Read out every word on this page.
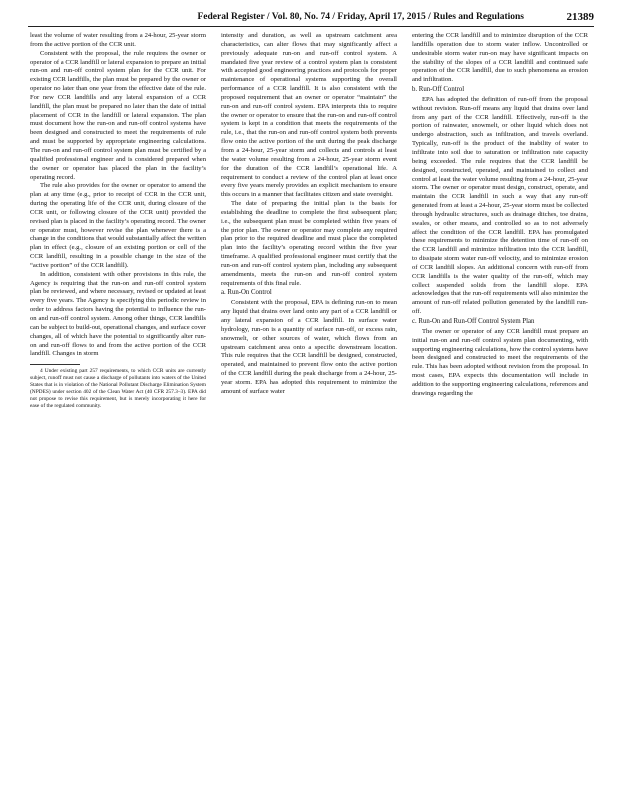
Federal Register / Vol. 80, No. 74 / Friday, April 17, 2015 / Rules and Regulations	21389

least the volume of water resulting from a 24-hour, 25-year storm from the active portion of the CCR unit.

Consistent with the proposal, the rule requires the owner or operator of a CCR landfill or lateral expansion to prepare an initial run-on and run-off control system plan for the CCR unit. For existing CCR landfills, the plan must be prepared by the owner or operator no later than one year from the effective date of the rule. For new CCR landfills and any lateral expansion of a CCR landfill, the plan must be prepared no later than the date of initial placement of CCR in the landfill or lateral expansion. The plan must document how the run-on and run-off control systems have been designed and constructed to meet the requirements of rule and must be supported by appropriate engineering calculations. The run-on and run-off control system plan must be certified by a qualified professional engineer and is considered prepared when the owner or operator has placed the plan in the facility’s operating record.

The rule also provides for the owner or operator to amend the plan at any time (e.g., prior to receipt of CCR in the CCR unit, during the operating life of the CCR unit, during closure of the CCR unit, or following closure of the CCR unit) provided the revised plan is placed in the facility’s operating record. The owner or operator must, however revise the plan whenever there is a change in the conditions that would substantially affect the written plan in effect (e.g., closure of an existing portion or cell of the CCR landfill, resulting in a possible change in the size of the “active portion” of the CCR landfill).

In addition, consistent with other provisions in this rule, the Agency is requiring that the run-on and run-off control system plan be reviewed, and where necessary, revised or updated at least every five years. The Agency is specifying this periodic review in order to address factors having the potential to influence the run-on and run-off control system. Among other things, CCR landfills can be subject to build-out, operational changes, and surface cover changes, all of which have the potential to significantly alter run-on and run-off flows to and from the active portion of the CCR landfill. Changes in storm

4 Under existing part 257 requirements, to which CCR units are currently subject, runoff must not cause a discharge of pollutants into waters of the United States that is in violation of the National Pollutant Discharge Elimination System (NPDES) under section 402 of the Clean Water Act (40 CFR 257.3–3). EPA did not propose to revise this requirement, but is merely incorporating it here for ease of the regulated community.

intensity and duration, as well as upstream catchment area characteristics, can alter flows that may significantly affect a previously adequate run-on and run-off control system. A mandated five year review of a control system plan is consistent with accepted good engineering practices and protocols for proper maintenance of operational systems supporting the overall performance of a CCR landfill. It is also consistent with the proposed requirement that an owner or operator “maintain” the run-on and run-off control system. EPA interprets this to require the owner or operator to ensure that the run-on and run-off control system is kept in a condition that meets the requirements of the rule, i.e., that the run-on and run-off control system both prevents flow onto the active portion of the unit during the peak discharge from a 24-hour, 25-year storm and collects and controls at least the water volume resulting from a 24-hour, 25-year storm event for the duration of the CCR landfill’s operational life. A requirement to conduct a review of the control plan at least once every five years merely provides an explicit mechanism to ensure this occurs in a manner that facilitates citizen and state oversight.

The date of preparing the initial plan is the basis for establishing the deadline to complete the first subsequent plan; i.e., the subsequent plan must be completed within five years of the prior plan. The owner or operator may complete any required plan prior to the required deadline and must place the completed plan into the facility’s operating record within the five year timeframe. A qualified professional engineer must certify that the run-on and run-off control system plan, including any subsequent amendments, meets the run-on and run-off control system requirements of this final rule.

a. Run-On Control

Consistent with the proposal, EPA is defining run-on to mean any liquid that drains over land onto any part of a CCR landfill or any lateral expansion of a CCR landfill. In surface water hydrology, run-on is a quantity of surface run-off, or excess rain, snowmelt, or other sources of water, which flows from an upstream catchment area onto a specific downstream location. This rule requires that the CCR landfill be designed, constructed, operated, and maintained to prevent flow onto the active portion of the CCR landfill during the peak discharge from a 24-hour, 25-year storm. EPA has adopted this requirement to minimize the amount of surface water

entering the CCR landfill and to minimize disruption of the CCR landfills operation due to storm water inflow. Uncontrolled or undesirable storm water run-on may have significant impacts on the stability of the slopes of a CCR landfill and continued safe operation of the CCR landfill, due to such phenomena as erosion and infiltration.

b. Run-Off Control

EPA has adopted the definition of run-off from the proposal without revision. Run-off means any liquid that drains over land from any part of the CCR landfill. Effectively, run-off is the portion of rainwater, snowmelt, or other liquid which does not undergo abstraction, such as infiltration, and travels overland. Typically, run-off is the product of the inability of water to infiltrate into soil due to saturation or infiltration rate capacity being exceeded. The rule requires that the CCR landfill be designed, constructed, operated, and maintained to collect and control at least the water volume resulting from a 24-hour, 25-year storm. The owner or operator must design, construct, operate, and maintain the CCR landfill in such a way that any run-off generated from at least a 24-hour, 25-year storm must be collected through hydraulic structures, such as drainage ditches, toe drains, swales, or other means, and controlled so as to not adversely affect the condition of the CCR landfill. EPA has promulgated these requirements to minimize the detention time of run-off on the CCR landfill and minimize infiltration into the CCR landfill, to dissipate storm water run-off velocity, and to minimize erosion of CCR landfill slopes. An additional concern with run-off from CCR landfills is the water quality of the run-off, which may collect suspended solids from the landfill slope. EPA acknowledges that the run-off requirements will also minimize the amount of run-off related pollution generated by the landfill run-off.

c. Run-On and Run-Off Control System Plan

The owner or operator of any CCR landfill must prepare an initial run-on and run-off control system plan documenting, with supporting engineering calculations, how the control systems have been designed and constructed to meet the requirements of the rule. This has been adopted without revision from the proposal. In most cases, EPA expects this documentation will include in addition to the supporting engineering calculations, references and drawings regarding the
